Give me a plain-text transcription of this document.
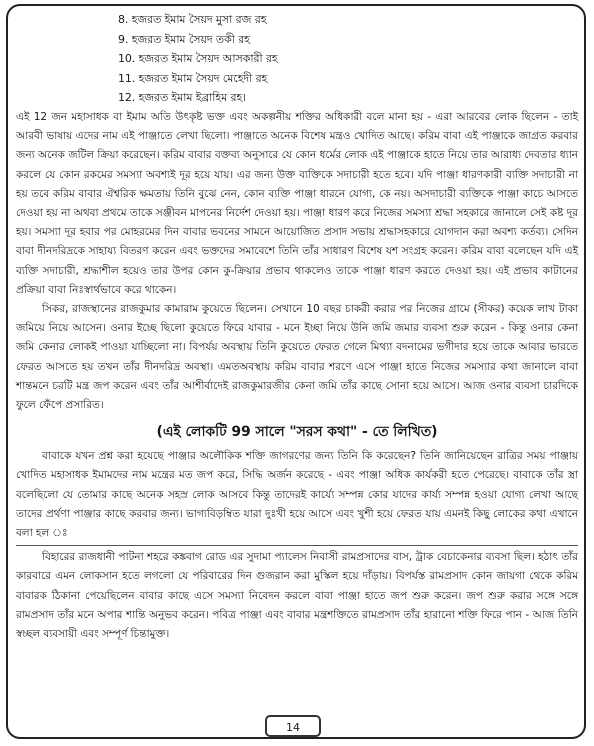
8. হজরত ইমাম সৈয়দ মুসা রজ রহ
9. হজরত ইমাম সৈয়দ তকী রহ
10. হজরত ইমাম সৈয়দ আসকারী রহ
11. হজরত ইমাম সৈয়দ মেহেদী রহ
12. হজরত ইমাম ইব্রাহিম রহ।

এই 12 জন মহাসাধক বা ইমাম অতি উৎকৃষ্ট ভক্ত এবং অকল্পনীয় শক্তির অধিকারী বলে মানা হয় - এরা আরবের লোক ছিলেন - তাই আরবী ভাষায় এদের নাম এই পাঞ্জাতে লেখা ছিলো। পাঞ্জাতে অনেক বিশেষ মন্ত্রও খোদিত আছে। করিম বাবা এই পাঞ্জাকে জাগ্রত করবার জন্য অনেক জটিল ক্রিয়া করেছেন। করিম বাবার বক্তব্য অনুসারে যে কোন ধর্মের লোক এই পাঞ্জাকে হাতে নিয়ে তার আরাধ্য দেবতার ধ্যান করলে যে কোন রকমের সমস্যা অবশ্যই দূর হয়ে যায়। এর জন্য উক্ত ব্যক্তিকে সদাচারী হতে হবে। যদি পাঞ্জা ধারণকারী ব্যক্তি সদাচারী না হয় তবে করিম বাবার ঐশ্বরিক ক্ষমতায় তিনি বুঝে নেন, কোন ব্যক্তি পাঞ্জা ধারনে যোগ্য, কে নয়। অসদাচারী ব্যক্তিকে পাঞ্জা কাচে আসতে দেওয়া হয় না অথবা প্রথমে তাকে সঞ্জীবন মাপনের নির্দেশ দেওয়া হয়। পাঞ্জা ধারণ করে নিজের সমস্যা শ্রদ্ধা সহকারে জানালে সেই কষ্ট দূর হয়। সমস্যা দূর হবার পর মোহরমের দিন বাবার ভবনের সামনে আয়োজিত প্রসাদ সভায় শ্রদ্ধাসহকারে যোগদান করা অবশ্য কর্তব্য। সেদিন বাবা দীনদরিদ্রকে সাহায্য বিতরণ করেন এবং ভক্তদের সমাবেশে তিনি তাঁর সাধারণ বিশেষ যশ সংগ্রহ করেন। করিম বাবা বলেছেন যদি এই ব্যক্তি সদাচারী, শ্রদ্ধাশীল হয়েও তার উপর কোন কু-ক্রিয়ার প্রভাব থাকলেও তাকে পাঞ্জা ধারণ করতে দেওয়া হয়। এই প্রভাব কাটানের প্রক্রিয়া বাবা নিঃস্বার্থভাবে করে থাকেন।

সিকর, রাজস্থানের রাজকুমার কামারাম কুয়েতে ছিলেন। সেখানে 10 বছর চাকরী করার পর নিজের গ্রামে (সীকর) কয়েক লাখ টাকা জমিয়ে নিয়ে আসেন। ওনার ইচ্ছে ছিলো কুয়েতে ফিরে যাবার - মনে ইচ্ছা নিয়ে উনি জমি জমার ব্যবসা শুরু করেন - কিন্তু ওনার কেনা জমি কেনার লোকই পাওয়া যাচ্ছিলো না। বিপর্যয় অবস্থায় তিনি কুয়েতে ফেরত গেলে মিথ্যা বদনামের ভগীদার হয়ে তাকে আবার ভারতে ফেরত আসতে হয় তখন তাঁর দীনদরিদ্র অবস্থা। এমতঅবস্থায় করিম বাবার শরণে এসে পাঞ্জা হাতে নিজের সমস্যার কথা জানালে বাবা শান্তমনে চরটি মন্ত্র জপ করেন এবং তাঁর আশীর্বাদেই রাজকুমারজীর কেনা জমি তাঁর কাছে সোনা হয়ে আসে। আজ ওনার ব্যবসা চারদিকে ফুলে ফেঁপে প্রসারিত।

(এই লোকটি 99 সালে "সরস কথা" - তে লিখিত)

বাবাকে যখন প্রশ্ন করা হযেছে পাঞ্জার অলৌকিক শক্তি জাগরণের জন্য তিনি কি করেছেন? তিনি জানিয়েছেন রাত্রির সময় পাঞ্জায় খোদিত মহাসাধক ইমামদের নাম মন্ত্রের মত জপ করে, সিদ্ধি অর্জন করেছে - এবং পাঞ্জা অধিক কার্যকরী হতে পেরেছে। বাবাকে তাঁর স্ত্রা বলেছিলো যে তোমার কাছে অনেক সহস্র লোক আসবে কিন্তু তাদেরই কার্য্যে সম্পন্ন কোর যাদের কার্য্য সম্পন্ন হওয়া যোগ্য লেখা আছে তাদের প্রর্থণা পাঞ্জার কাছে করবার জন্য। ভাগ্যবিড়ম্বিত যারা দুঃখী হয়ে আসে এবং খুশী হয়ে ফেরত যায় এমনই কিছু লোকের কথা এখানে বলা হল ঃ

বিহারের রাজধানী পাটনা শহরে কঙ্কবাগ রোড এর সুদামা প্যালেস নিবাসী রামপ্রসাদের বাস, ট্রাক বেচাকেনার ব্যবসা ছিল। হঠাৎ তাঁর কারবারে এমন লোকসান হতে লগলো যে পরিবারের দিন গুজরান করা মুস্কিল হয়ে দাঁড়ায়। বিপর্যস্ত রামপ্রসাদ কোন জায়গা থেকে করিম বাবারক ঠিকানা পেয়েছিলেন বাবার কাছে এসে সমস্যা নিবেদন করলে বাবা পাঞ্জা হাতে জপ শুরু করেন। জপ শুরু করার সঙ্গে সঙ্গে রামপ্রসাদ তাঁর মনে অপার শান্তি অনুভব করেন। পবিত্র পাঞ্জা এবং বাবার মন্ত্রশক্তিতে রামপ্রসাদ তাঁর হারানো শক্তি ফিরে পান - আজ তিনি স্বচ্ছল ব্যবসায়ী এবং সম্পূর্ণ চিন্তামুক্ত।

14
